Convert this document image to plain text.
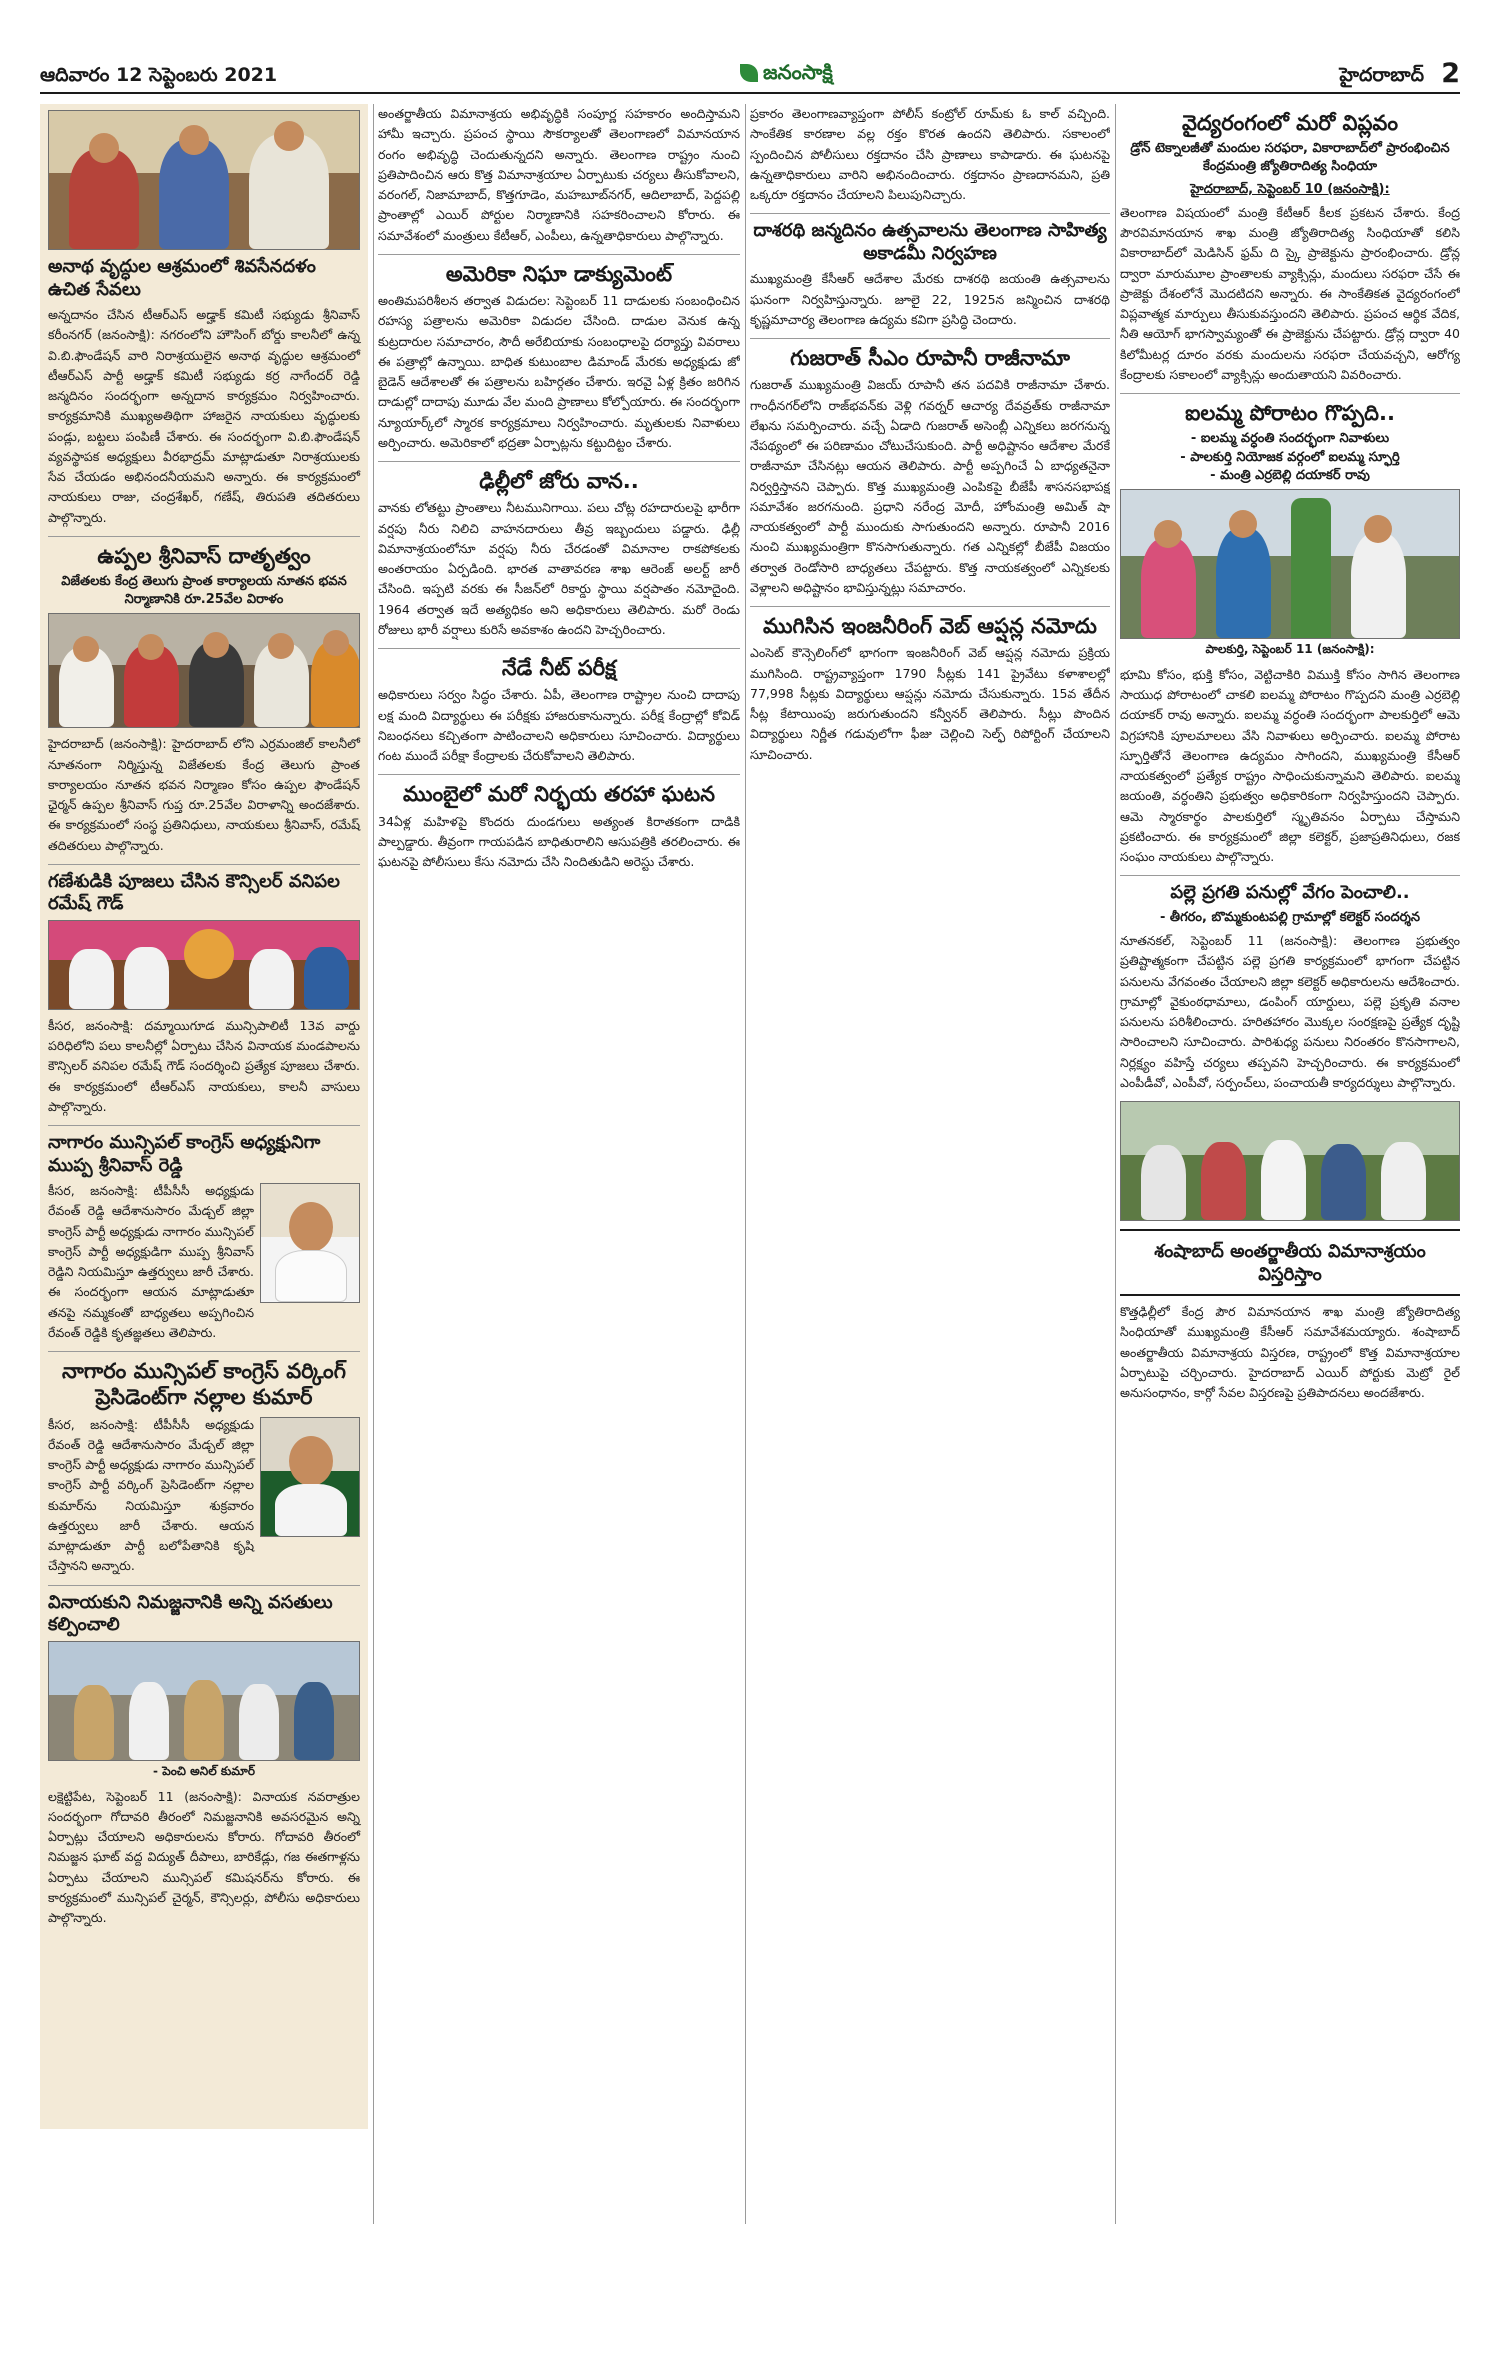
ఆదివారం 12 సెప్టెంబరు 2021	జనంసాక్షి	హైదరాబాద్ 2
అనాథ వృద్ధుల ఆశ్రమంలో శివసేనదళం ఉచిత సేవలు
అన్నదానం చేసిన టీఆర్ఎస్ అడ్హాక్ కమిటీ సభ్యుడు శ్రీనివాస్ కరీంనగర్ (జనంసాక్షి): నగరంలోని హౌసింగ్ బోర్డు కాలనీలో ఉన్న వి.బి.ఫౌండేషన్ వారి నిరాశ్రయులైన అనాథ వృద్ధుల ఆశ్రమంలో టీఆర్ఎస్ పార్టీ అడ్హాక్ కమిటీ సభ్యుడు కర్ర నాగేందర్ రెడ్డి జన్మదినం సందర్భంగా అన్నదాన కార్యక్రమం నిర్వహించారు. కార్యక్రమానికి ముఖ్యఅతిథిగా హాజరైన నాయకులు వృద్ధులకు పండ్లు, బట్టలు పంపిణీ చేశారు. ఈ సందర్భంగా వి.బి.ఫౌండేషన్ వ్యవస్థాపక అధ్యక్షులు వీరభాద్రమ్ మాట్లాడుతూ నిరాశ్రయులకు సేవ చేయడం అభినందనీయమని అన్నారు. ఈ కార్యక్రమంలో నాయకులు రాజు, చంద్రశేఖర్, గణేష్, తిరుపతి తదితరులు పాల్గొన్నారు.
ఉప్పల శ్రీనివాస్ దాతృత్వం
విజేతలకు కేంద్ర తెలుగు ప్రాంత కార్యాలయ నూతన భవన నిర్మాణానికి రూ.25వేల విరాళం
హైదరాబాద్ (జనంసాక్షి): హైదరాబాద్ లోని ఎర్రమంజిల్ కాలనీలో నూతనంగా నిర్మిస్తున్న విజేతలకు కేంద్ర తెలుగు ప్రాంత కార్యాలయం నూతన భవన నిర్మాణం కోసం ఉప్పల ఫౌండేషన్ ఛైర్మన్ ఉప్పల శ్రీనివాస్ గుప్త రూ.25వేల విరాళాన్ని అందజేశారు. ఈ కార్యక్రమంలో సంస్థ ప్రతినిధులు, నాయకులు శ్రీనివాస్, రమేష్ తదితరులు పాల్గొన్నారు.
గణేశుడికి పూజలు చేసిన కౌన్సిలర్ వనిపల రమేష్ గౌడ్
కీసర, జనంసాక్షి: దమ్మాయిగూడ మున్సిపాలిటీ 13వ వార్డు పరిధిలోని పలు కాలనీల్లో ఏర్పాటు చేసిన వినాయక మండపాలను కౌన్సిలర్ వనిపల రమేష్ గౌడ్ సందర్శించి ప్రత్యేక పూజలు చేశారు. ఈ కార్యక్రమంలో టీఆర్ఎస్ నాయకులు, కాలనీ వాసులు పాల్గొన్నారు.
నాగారం మున్సిపల్ కాంగ్రెస్ అధ్యక్షునిగా ముప్ప శ్రీనివాస్ రెడ్డి
కీసర, జనంసాక్షి: టీపీసీసీ అధ్యక్షుడు రేవంత్ రెడ్డి ఆదేశానుసారం మేడ్చల్ జిల్లా కాంగ్రెస్ పార్టీ అధ్యక్షుడు నాగారం మున్సిపల్ కాంగ్రెస్ పార్టీ అధ్యక్షుడిగా ముప్ప శ్రీనివాస్ రెడ్డిని నియమిస్తూ ఉత్తర్వులు జారీ చేశారు. ఈ సందర్భంగా ఆయన మాట్లాడుతూ తనపై నమ్మకంతో బాధ్యతలు అప్పగించిన రేవంత్ రెడ్డికి కృతజ్ఞతలు తెలిపారు.
నాగారం మున్సిపల్ కాంగ్రెస్ వర్కింగ్ ప్రెసిడెంట్‌గా నల్లాల కుమార్
కీసర, జనంసాక్షి: టీపీసీసీ అధ్యక్షుడు రేవంత్ రెడ్డి ఆదేశానుసారం మేడ్చల్ జిల్లా కాంగ్రెస్ పార్టీ అధ్యక్షుడు నాగారం మున్సిపల్ కాంగ్రెస్ పార్టీ వర్కింగ్ ప్రెసిడెంట్‌గా నల్లాల కుమార్‌ను నియమిస్తూ శుక్రవారం ఉత్తర్వులు జారీ చేశారు. ఆయన మాట్లాడుతూ పార్టీ బలోపేతానికి కృషి చేస్తానని అన్నారు.
వినాయకుని నిమజ్జనానికి అన్ని వసతులు కల్పించాలి
- పెంచి అనిల్ కుమార్
లక్షెట్టిపేట, సెప్టెంబర్ 11 (జనంసాక్షి): వినాయక నవరాత్రుల సందర్భంగా గోదావరి తీరంలో నిమజ్జనానికి అవసరమైన అన్ని ఏర్పాట్లు చేయాలని అధికారులను కోరారు. గోదావరి తీరంలో నిమజ్జన ఘాట్ వద్ద విద్యుత్ దీపాలు, బారికేడ్లు, గజ ఈతగాళ్లను ఏర్పాటు చేయాలని మున్సిపల్ కమిషనర్‌ను కోరారు. ఈ కార్యక్రమంలో మున్సిపల్ చైర్మన్, కౌన్సిలర్లు, పోలీసు అధికారులు పాల్గొన్నారు.
అంతర్జాతీయ విమానాశ్రయ అభివృద్ధికి సంపూర్ణ సహకారం అందిస్తామని హామీ ఇచ్చారు. ప్రపంచ స్థాయి సౌకర్యాలతో తెలంగాణలో విమానయాన రంగం అభివృద్ధి చెందుతున్నదని అన్నారు. తెలంగాణ రాష్ట్రం నుంచి ప్రతిపాదించిన ఆరు కొత్త విమానాశ్రయాల ఏర్పాటుకు చర్యలు తీసుకోవాలని, వరంగల్, నిజామాబాద్, కొత్తగూడెం, మహబూబ్‌నగర్, ఆదిలాబాద్, పెద్దపల్లి ప్రాంతాల్లో ఎయిర్ పోర్టుల నిర్మాణానికి సహకరించాలని కోరారు. ఈ సమావేశంలో మంత్రులు కేటీఆర్, ఎంపీలు, ఉన్నతాధికారులు పాల్గొన్నారు.
అమెరికా నిఘా డాక్యుమెంట్
అంతిమపరిశీలన తర్వాత విడుదల: సెప్టెంబర్ 11 దాడులకు సంబంధించిన రహస్య పత్రాలను అమెరికా విడుదల చేసింది. దాడుల వెనుక ఉన్న కుట్రదారుల సమాచారం, సౌదీ అరేబియాకు సంబంధాలపై దర్యాప్తు వివరాలు ఈ పత్రాల్లో ఉన్నాయి. బాధిత కుటుంబాల డిమాండ్ మేరకు అధ్యక్షుడు జో బైడెన్ ఆదేశాలతో ఈ పత్రాలను బహిర్గతం చేశారు. ఇరవై ఏళ్ల క్రితం జరిగిన దాడుల్లో దాదాపు మూడు వేల మంది ప్రాణాలు కోల్పోయారు. ఈ సందర్భంగా న్యూయార్క్‌లో స్మారక కార్యక్రమాలు నిర్వహించారు. మృతులకు నివాళులు అర్పించారు. అమెరికాలో భద్రతా ఏర్పాట్లను కట్టుదిట్టం చేశారు.
ఢిల్లీలో జోరు వాన..
వానకు లోతట్టు ప్రాంతాలు నీటమునిగాయి. పలు చోట్ల రహదారులపై భారీగా వర్షపు నీరు నిలిచి వాహనదారులు తీవ్ర ఇబ్బందులు పడ్డారు. ఢిల్లీ విమానాశ్రయంలోనూ వర్షపు నీరు చేరడంతో విమానాల రాకపోకలకు అంతరాయం ఏర్పడింది. భారత వాతావరణ శాఖ ఆరెంజ్ అలర్ట్ జారీ చేసింది. ఇప్పటి వరకు ఈ సీజన్‌లో రికార్డు స్థాయి వర్షపాతం నమోదైంది. 1964 తర్వాత ఇదే అత్యధికం అని అధికారులు తెలిపారు. మరో రెండు రోజులు భారీ వర్షాలు కురిసే అవకాశం ఉందని హెచ్చరించారు.
నేడే నీట్ పరీక్ష
అధికారులు సర్వం సిద్ధం చేశారు. ఏపీ, తెలంగాణ రాష్ట్రాల నుంచి దాదాపు లక్ష మంది విద్యార్థులు ఈ పరీక్షకు హాజరుకానున్నారు. పరీక్ష కేంద్రాల్లో కోవిడ్ నిబంధనలు కచ్చితంగా పాటించాలని అధికారులు సూచించారు. విద్యార్థులు గంట ముందే పరీక్షా కేంద్రాలకు చేరుకోవాలని తెలిపారు.
ముంబైలో మరో నిర్భయ తరహా ఘటన
34ఏళ్ల మహిళపై కొందరు దుండగులు అత్యంత కిరాతకంగా దాడికి పాల్పడ్డారు. తీవ్రంగా గాయపడిన బాధితురాలిని ఆసుపత్రికి తరలించారు. ఈ ఘటనపై పోలీసులు కేసు నమోదు చేసి నిందితుడిని అరెస్టు చేశారు.
ప్రకారం తెలంగాణవ్యాప్తంగా పోలీస్ కంట్రోల్ రూమ్‌కు ఓ కాల్ వచ్చింది. సాంకేతిక కారణాల వల్ల రక్తం కొరత ఉందని తెలిపారు. సకాలంలో స్పందించిన పోలీసులు రక్తదానం చేసి ప్రాణాలు కాపాడారు. ఈ ఘటనపై ఉన్నతాధికారులు వారిని అభినందించారు. రక్తదానం ప్రాణదానమని, ప్రతి ఒక్కరూ రక్తదానం చేయాలని పిలుపునిచ్చారు.
దాశరథి జన్మదినం ఉత్సవాలను తెలంగాణ సాహిత్య అకాడమీ నిర్వహణ
ముఖ్యమంత్రి కేసీఆర్ ఆదేశాల మేరకు దాశరథి జయంతి ఉత్సవాలను ఘనంగా నిర్వహిస్తున్నారు. జూలై 22, 1925న జన్మించిన దాశరథి కృష్ణమాచార్య తెలంగాణ ఉద్యమ కవిగా ప్రసిద్ధి చెందారు.
గుజరాత్ సీఎం రూపానీ రాజీనామా
గుజరాత్ ముఖ్యమంత్రి విజయ్ రూపానీ తన పదవికి రాజీనామా చేశారు. గాంధీనగర్‌లోని రాజ్‌భవన్‌కు వెళ్లి గవర్నర్ ఆచార్య దేవవ్రత్‌కు రాజీనామా లేఖను సమర్పించారు. వచ్చే ఏడాది గుజరాత్ అసెంబ్లీ ఎన్నికలు జరగనున్న నేపథ్యంలో ఈ పరిణామం చోటుచేసుకుంది. పార్టీ అధిష్టానం ఆదేశాల మేరకే రాజీనామా చేసినట్లు ఆయన తెలిపారు. పార్టీ అప్పగించే ఏ బాధ్యతనైనా నిర్వర్తిస్తానని చెప్పారు. కొత్త ముఖ్యమంత్రి ఎంపికపై బీజేపీ శాసనసభాపక్ష సమావేశం జరగనుంది. ప్రధాని నరేంద్ర మోదీ, హోంమంత్రి అమిత్ షా నాయకత్వంలో పార్టీ ముందుకు సాగుతుందని అన్నారు. రూపానీ 2016 నుంచి ముఖ్యమంత్రిగా కొనసాగుతున్నారు. గత ఎన్నికల్లో బీజేపీ విజయం తర్వాత రెండోసారి బాధ్యతలు చేపట్టారు. కొత్త నాయకత్వంలో ఎన్నికలకు వెళ్లాలని అధిష్టానం భావిస్తున్నట్లు సమాచారం.
ముగిసిన ఇంజనీరింగ్ వెబ్ ఆప్షన్ల నమోదు
ఎంసెట్ కౌన్సెలింగ్‌లో భాగంగా ఇంజనీరింగ్ వెబ్ ఆప్షన్ల నమోదు ప్రక్రియ ముగిసింది. రాష్ట్రవ్యాప్తంగా 1790 సీట్లకు 141 ప్రైవేటు కళాశాలల్లో 77,998 సీట్లకు విద్యార్థులు ఆప్షన్లు నమోదు చేసుకున్నారు. 15వ తేదీన సీట్ల కేటాయింపు జరుగుతుందని కన్వీనర్ తెలిపారు. సీట్లు పొందిన విద్యార్థులు నిర్ణీత గడువులోగా ఫీజు చెల్లించి సెల్ఫ్ రిపోర్టింగ్ చేయాలని సూచించారు.
వైద్యరంగంలో మరో విప్లవం
డ్రోన్ టెక్నాలజీతో మందుల సరఫరా, వికారాబాద్‌లో ప్రారంభించిన కేంద్రమంత్రి జ్యోతిరాదిత్య సింధియా
హైదరాబాద్, సెప్టెంబర్ 10 (జనంసాక్షి):
తెలంగాణ విషయంలో మంత్రి కేటీఆర్ కీలక ప్రకటన చేశారు. కేంద్ర పౌరవిమానయాన శాఖ మంత్రి జ్యోతిరాదిత్య సింధియాతో కలిసి వికారాబాద్‌లో మెడిసిన్ ఫ్రమ్ ది స్కై ప్రాజెక్టును ప్రారంభించారు. డ్రోన్ల ద్వారా మారుమూల ప్రాంతాలకు వ్యాక్సిన్లు, మందులు సరఫరా చేసే ఈ ప్రాజెక్టు దేశంలోనే మొదటిదని అన్నారు. ఈ సాంకేతికత వైద్యరంగంలో విప్లవాత్మక మార్పులు తీసుకువస్తుందని తెలిపారు. ప్రపంచ ఆర్థిక వేదిక, నీతి ఆయోగ్ భాగస్వామ్యంతో ఈ ప్రాజెక్టును చేపట్టారు. డ్రోన్ల ద్వారా 40 కిలోమీటర్ల దూరం వరకు మందులను సరఫరా చేయవచ్చని, ఆరోగ్య కేంద్రాలకు సకాలంలో వ్యాక్సిన్లు అందుతాయని వివరించారు.
ఐలమ్మ పోరాటం గొప్పది..
- ఐలమ్మ వర్ధంతి సందర్భంగా నివాళులు
- పాలకుర్తి నియోజక వర్గంలో ఐలమ్మ స్ఫూర్తి
- మంత్రి ఎర్రబెల్లి దయాకర్ రావు
పాలకుర్తి, సెప్టెంబర్ 11 (జనంసాక్షి):
భూమి కోసం, భుక్తి కోసం, వెట్టిచాకిరి విముక్తి కోసం సాగిన తెలంగాణ సాయుధ పోరాటంలో చాకలి ఐలమ్మ పోరాటం గొప్పదని మంత్రి ఎర్రబెల్లి దయాకర్ రావు అన్నారు. ఐలమ్మ వర్ధంతి సందర్భంగా పాలకుర్తిలో ఆమె విగ్రహానికి పూలమాలలు వేసి నివాళులు అర్పించారు. ఐలమ్మ పోరాట స్ఫూర్తితోనే తెలంగాణ ఉద్యమం సాగిందని, ముఖ్యమంత్రి కేసీఆర్ నాయకత్వంలో ప్రత్యేక రాష్ట్రం సాధించుకున్నామని తెలిపారు. ఐలమ్మ జయంతి, వర్ధంతిని ప్రభుత్వం అధికారికంగా నిర్వహిస్తుందని చెప్పారు. ఆమె స్మారకార్థం పాలకుర్తిలో స్మృతివనం ఏర్పాటు చేస్తామని ప్రకటించారు. ఈ కార్యక్రమంలో జిల్లా కలెక్టర్, ప్రజాప్రతినిధులు, రజక సంఘం నాయకులు పాల్గొన్నారు.
పల్లె ప్రగతి పనుల్లో వేగం పెంచాలి..
- తీగరం, బొమ్మకుంటపల్లి గ్రామాల్లో కలెక్టర్ సందర్శన
నూతనకల్, సెప్టెంబర్ 11 (జనంసాక్షి): తెలంగాణ ప్రభుత్వం ప్రతిష్టాత్మకంగా చేపట్టిన పల్లె ప్రగతి కార్యక్రమంలో భాగంగా చేపట్టిన పనులను వేగవంతం చేయాలని జిల్లా కలెక్టర్ అధికారులను ఆదేశించారు. గ్రామాల్లో వైకుంఠధామాలు, డంపింగ్ యార్డులు, పల్లె ప్రకృతి వనాల పనులను పరిశీలించారు. హరితహారం మొక్కల సంరక్షణపై ప్రత్యేక దృష్టి సారించాలని సూచించారు. పారిశుధ్య పనులు నిరంతరం కొనసాగాలని, నిర్లక్ష్యం వహిస్తే చర్యలు తప్పవని హెచ్చరించారు. ఈ కార్యక్రమంలో ఎంపీడీవో, ఎంపీవో, సర్పంచ్‌లు, పంచాయతీ కార్యదర్శులు పాల్గొన్నారు.
శంషాబాద్ అంతర్జాతీయ విమానాశ్రయం విస్తరిస్తాం
కొత్తఢిల్లీలో కేంద్ర పౌర విమానయాన శాఖ మంత్రి జ్యోతిరాదిత్య సింధియాతో ముఖ్యమంత్రి కేసీఆర్ సమావేశమయ్యారు. శంషాబాద్ అంతర్జాతీయ విమానాశ్రయ విస్తరణ, రాష్ట్రంలో కొత్త విమానాశ్రయాల ఏర్పాటుపై చర్చించారు. హైదరాబాద్ ఎయిర్ పోర్టుకు మెట్రో రైల్ అనుసంధానం, కార్గో సేవల విస్తరణపై ప్రతిపాదనలు అందజేశారు.
